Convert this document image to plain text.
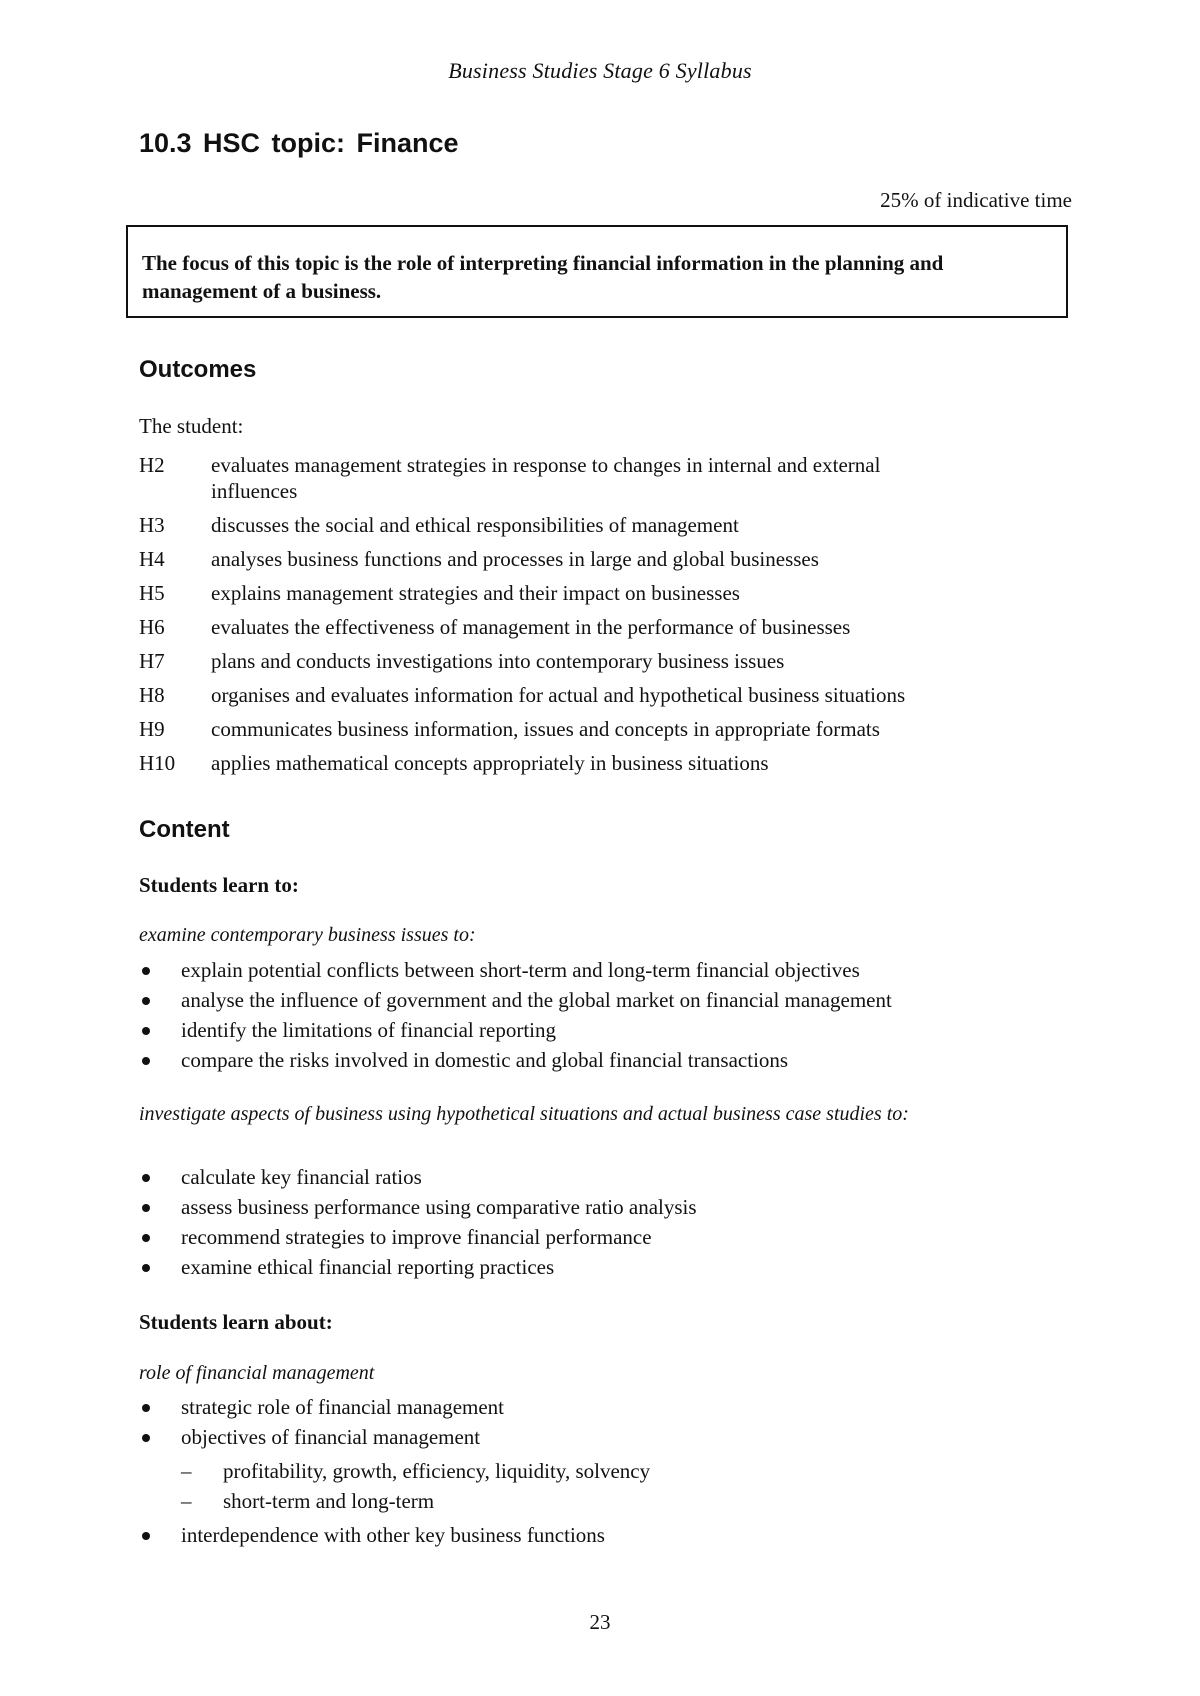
Business Studies Stage 6 Syllabus
10.3 HSC topic: Finance
25% of indicative time
The focus of this topic is the role of interpreting financial information in the planning and management of a business.
Outcomes
The student:
H2	evaluates management strategies in response to changes in internal and external influences
H3	discusses the social and ethical responsibilities of management
H4	analyses business functions and processes in large and global businesses
H5	explains management strategies and their impact on businesses
H6	evaluates the effectiveness of management in the performance of businesses
H7	plans and conducts investigations into contemporary business issues
H8	organises and evaluates information for actual and hypothetical business situations
H9	communicates business information, issues and concepts in appropriate formats
H10	applies mathematical concepts appropriately in business situations
Content
Students learn to:
examine contemporary business issues to:
explain potential conflicts between short-term and long-term financial objectives
analyse the influence of government and the global market on financial management
identify the limitations of financial reporting
compare the risks involved in domestic and global financial transactions
investigate aspects of business using hypothetical situations and actual business case studies to:
calculate key financial ratios
assess business performance using comparative ratio analysis
recommend strategies to improve financial performance
examine ethical financial reporting practices
Students learn about:
role of financial management
strategic role of financial management
objectives of financial management
– profitability, growth, efficiency, liquidity, solvency
– short-term and long-term
interdependence with other key business functions
23
